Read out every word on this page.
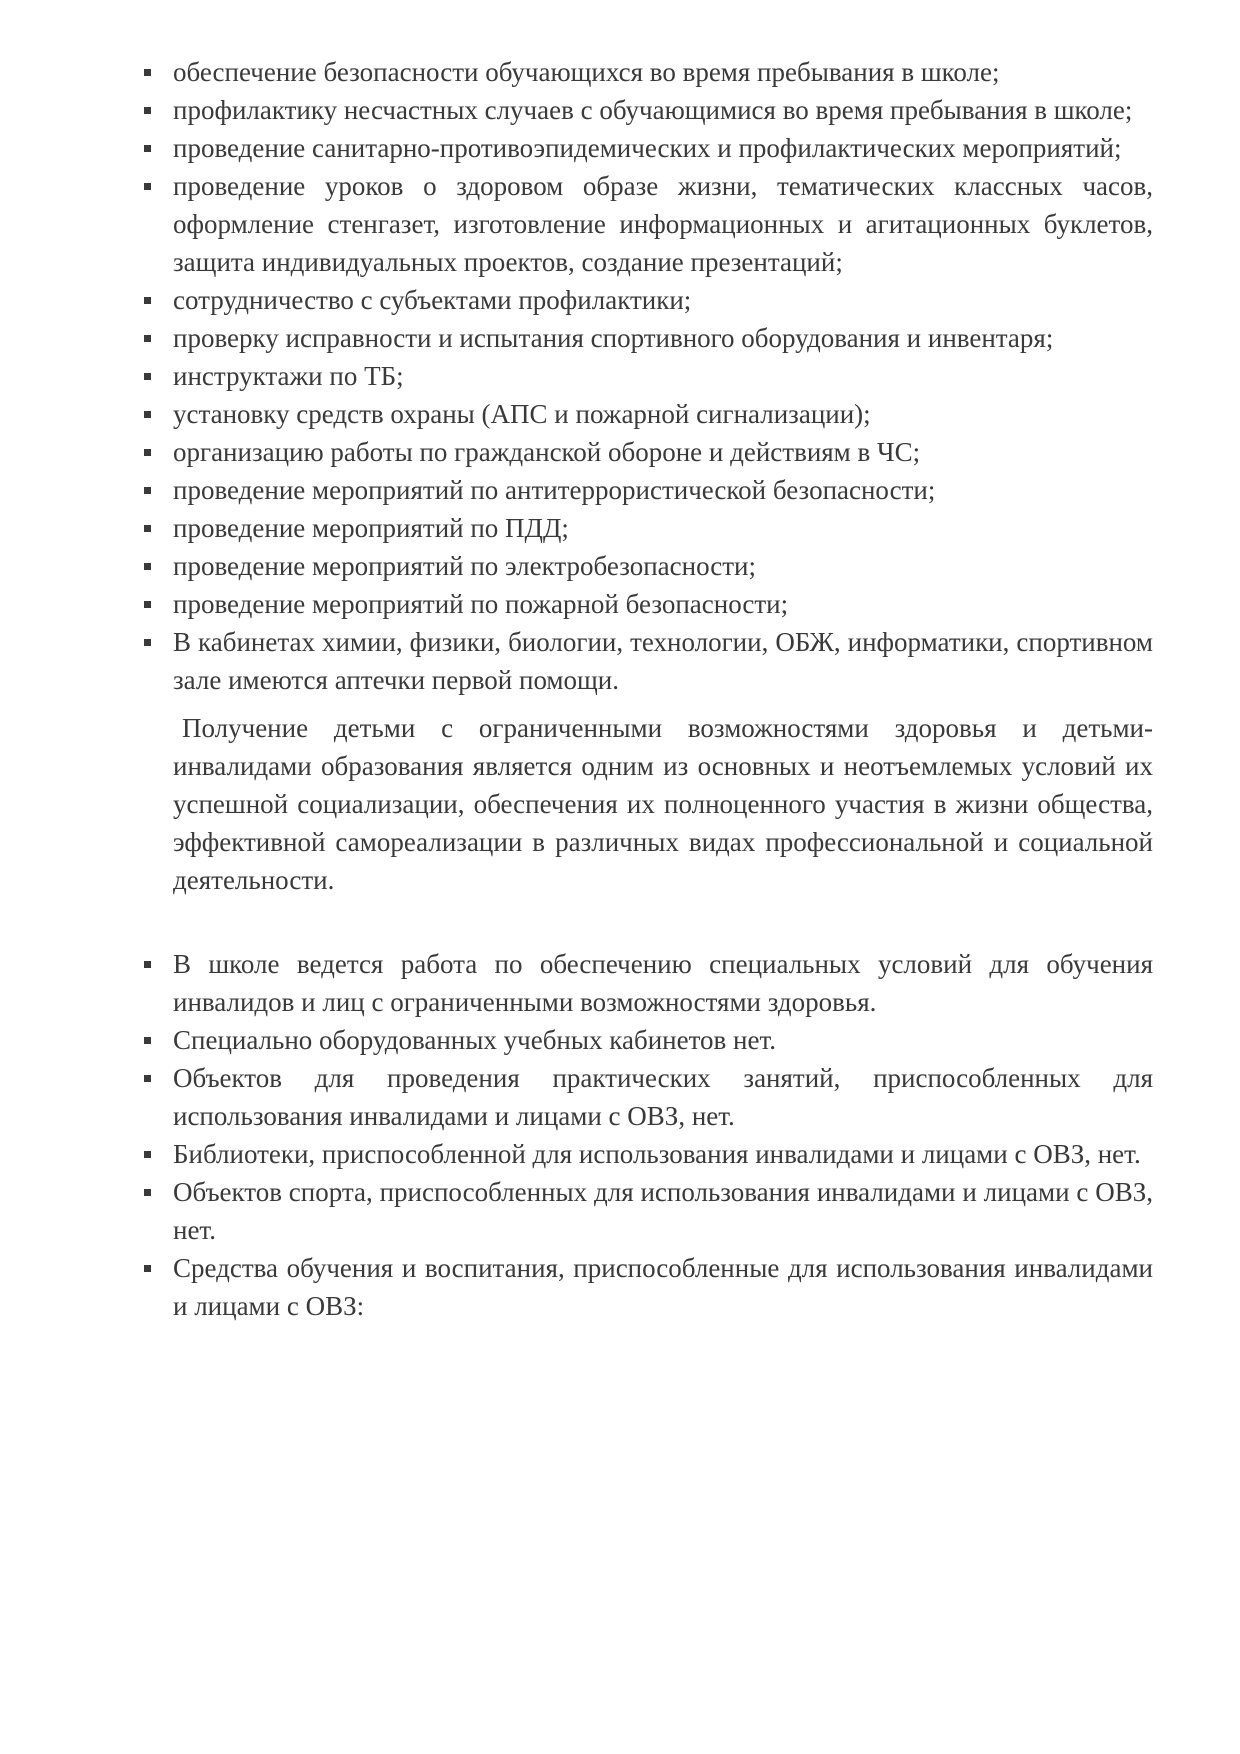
обеспечение безопасности обучающихся во время пребывания в школе;
профилактику несчастных случаев с обучающимися во время пребывания в школе;
проведение санитарно-противоэпидемических и профилактических мероприятий;
проведение уроков о здоровом образе жизни, тематических классных часов, оформление стенгазет, изготовление информационных и агитационных буклетов, защита индивидуальных проектов, создание презентаций;
сотрудничество с субъектами профилактики;
проверку исправности и испытания спортивного оборудования и инвентаря;
инструктажи по ТБ;
установку средств охраны (АПС и пожарной сигнализации);
организацию работы по гражданской обороне и действиям в ЧС;
проведение мероприятий по антитеррористической безопасности;
проведение мероприятий по ПДД;
проведение мероприятий по электробезопасности;
проведение мероприятий по пожарной безопасности;
В кабинетах химии, физики, биологии, технологии, ОБЖ, информатики, спортивном зале имеются аптечки первой помощи.

Получение детьми с ограниченными возможностями здоровья и детьми-инвалидами образования является одним из основных и неотъемлемых условий их успешной социализации, обеспечения их полноценного участия в жизни общества, эффективной самореализации в различных видах профессиональной и социальной деятельности.

В школе ведется работа по обеспечению специальных условий для обучения инвалидов и лиц с ограниченными возможностями здоровья.
Специально оборудованных учебных кабинетов нет.
Объектов для проведения практических занятий, приспособленных для использования инвалидами и лицами с ОВЗ, нет.
Библиотеки, приспособленной для использования инвалидами и лицами с ОВЗ, нет.
Объектов спорта, приспособленных для использования инвалидами и лицами с ОВЗ, нет.
Средства обучения и воспитания, приспособленные для использования инвалидами и лицами с ОВЗ:
